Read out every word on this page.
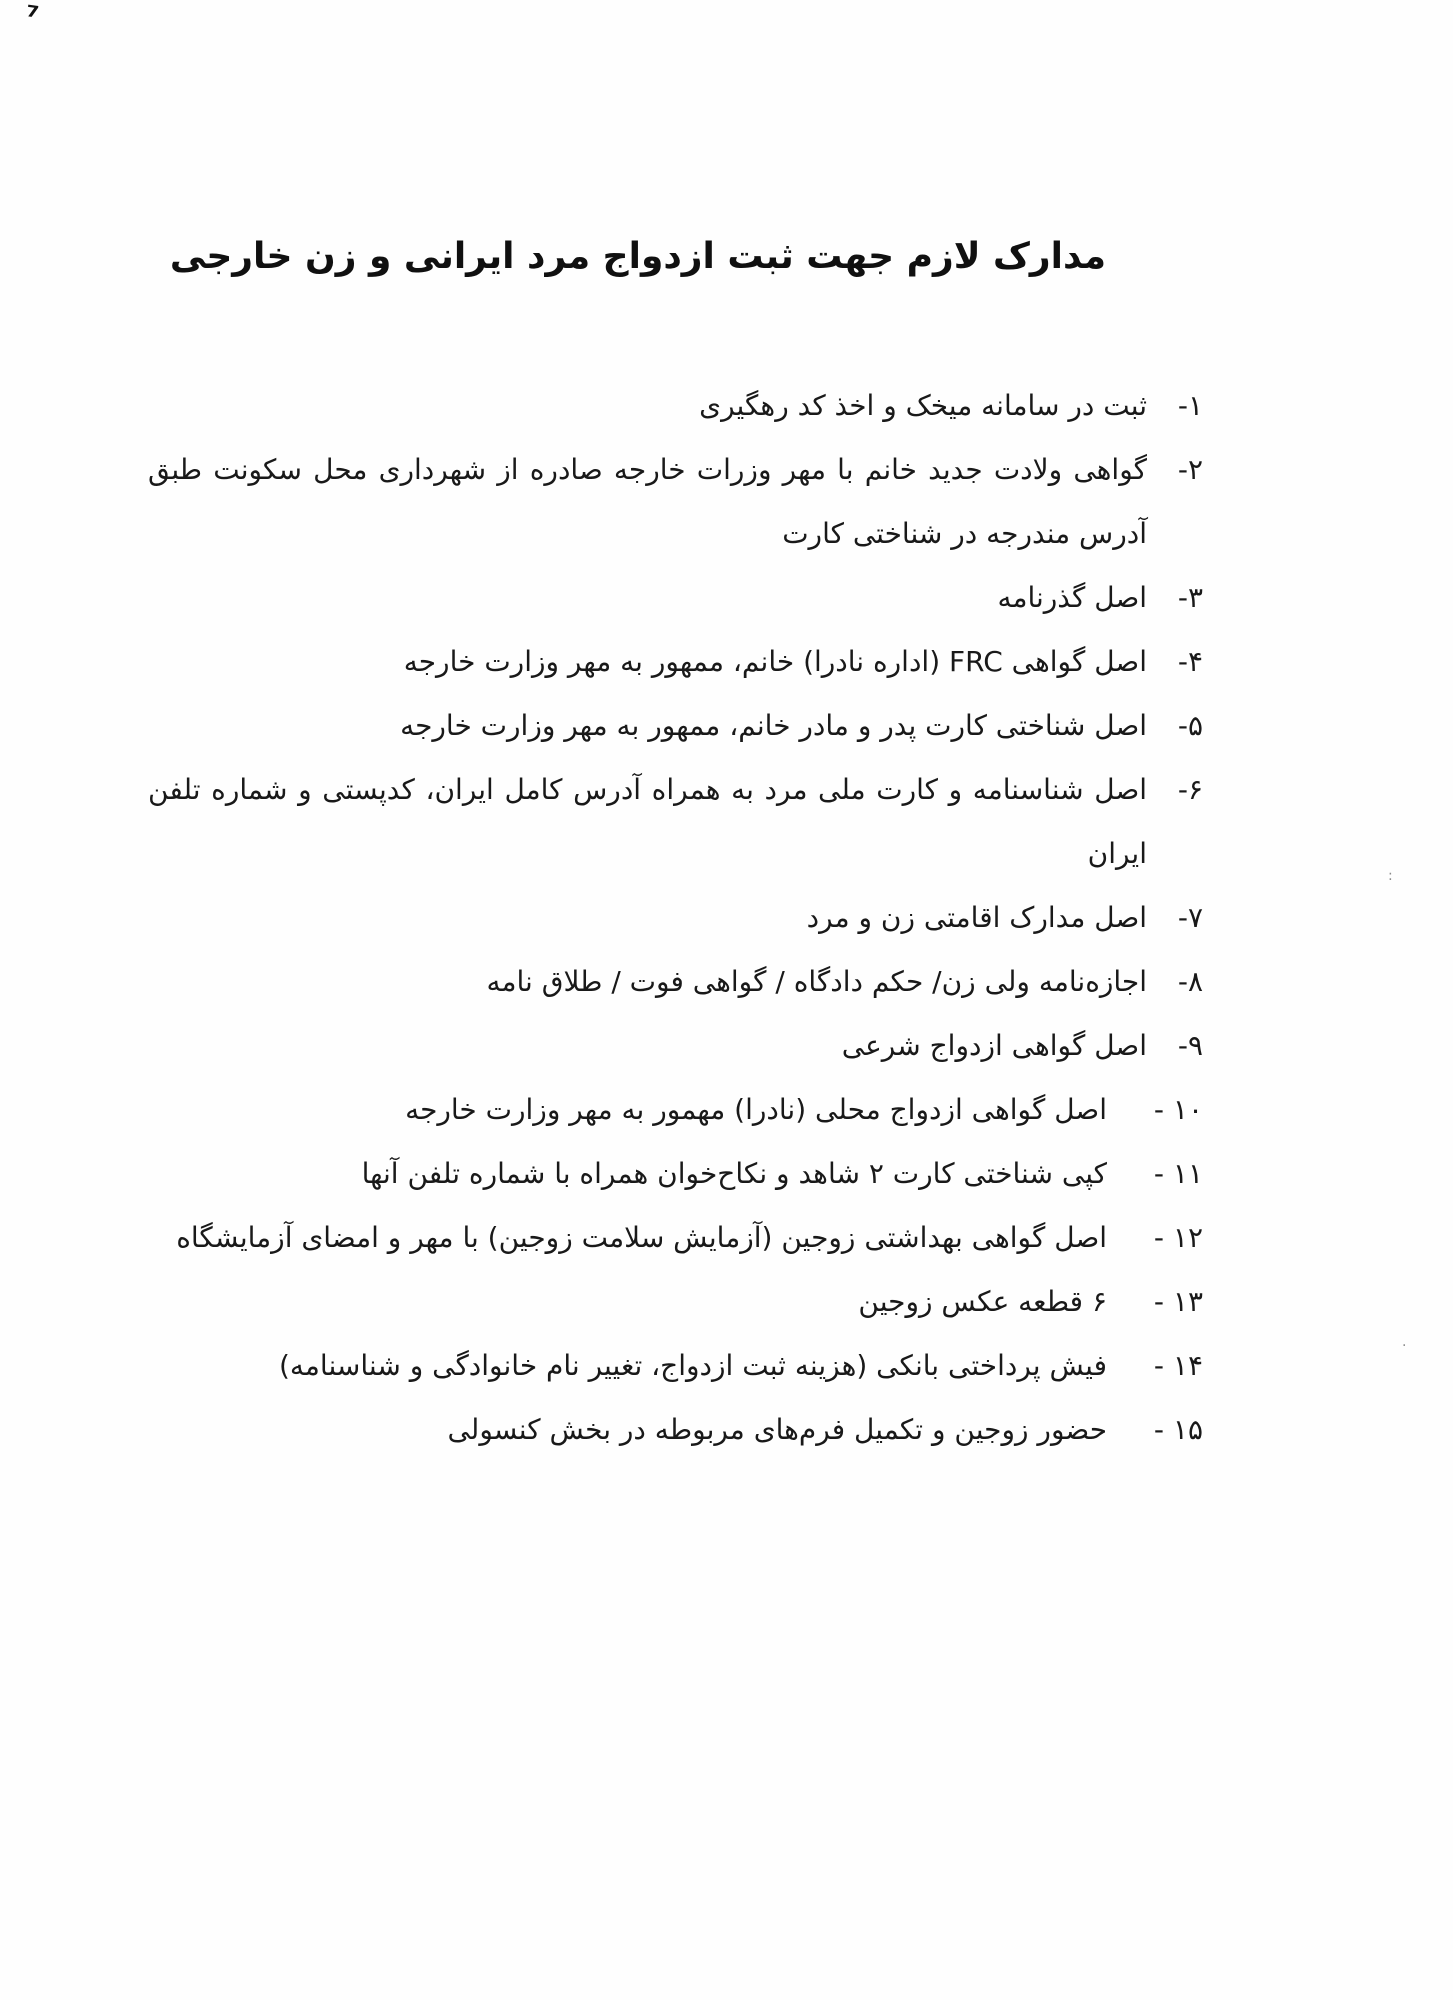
7
:
.
مدارک لازم جهت ثبت ازدواج مرد ایرانی و زن خارجی
۱-
ثبت در سامانه میخک و اخذ کد رهگیری
۲-
گواهی ولادت جدید خانم با مهر وزرات خارجه صادره از شهرداری محل سکونت طبق آدرس مندرجه در شناختی کارت
۳-
اصل گذرنامه
۴-
اصل گواهی FRC (اداره نادرا) خانم، ممهور به مهر وزارت خارجه
۵-
اصل شناختی کارت پدر و مادر خانم، ممهور به مهر وزارت خارجه
۶-
اصل شناسنامه و کارت ملی مرد به همراه آدرس کامل ایران، کدپستی و شماره تلفن ایران
۷-
اصل مدارک اقامتی زن و مرد
۸-
اجازه‌نامه ولی زن/ حکم دادگاه / گواهی فوت / طلاق نامه
۹-
اصل گواهی ازدواج شرعی
۱۰ -
اصل گواهی ازدواج محلی (نادرا) مهمور به مهر وزارت خارجه
۱۱ -
کپی شناختی کارت ۲ شاهد و نکاح‌خوان همراه با شماره تلفن آنها
۱۲ -
اصل گواهی بهداشتی زوجین (آزمایش سلامت زوجین) با مهر و امضای آزمایشگاه
۱۳ -
۶ قطعه عکس زوجین
۱۴ -
فیش پرداختی بانکی (هزینه ثبت ازدواج، تغییر نام خانوادگی و شناسنامه)
۱۵ -
حضور زوجین و تکمیل فرم‌های مربوطه در بخش کنسولی
